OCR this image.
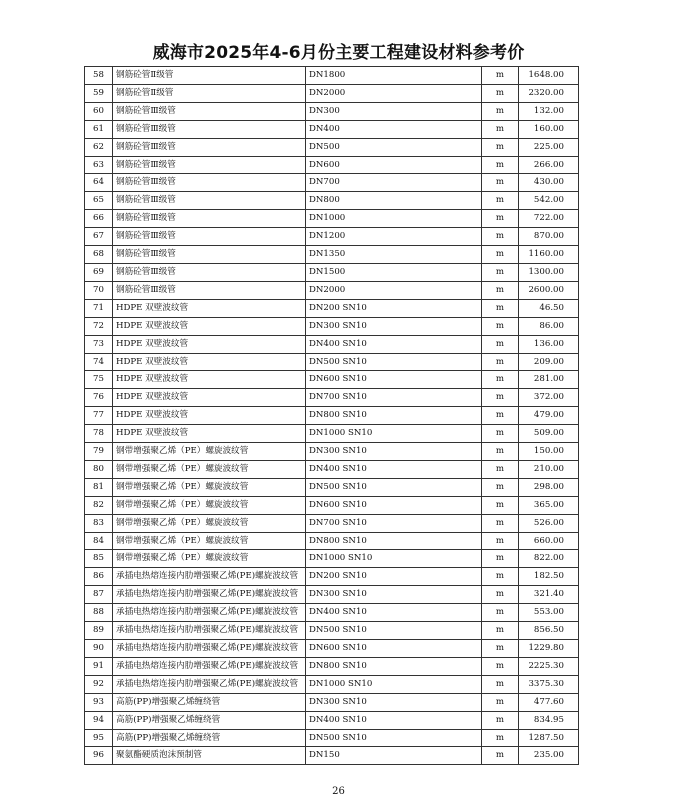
威海市2025年4-6月份主要工程建设材料参考价
58	钢筋砼管Ⅱ级管	DN1800	m	1648.00
59	钢筋砼管Ⅱ级管	DN2000	m	2320.00
60	钢筋砼管Ⅲ级管	DN300	m	132.00
61	钢筋砼管Ⅲ级管	DN400	m	160.00
62	钢筋砼管Ⅲ级管	DN500	m	225.00
63	钢筋砼管Ⅲ级管	DN600	m	266.00
64	钢筋砼管Ⅲ级管	DN700	m	430.00
65	钢筋砼管Ⅲ级管	DN800	m	542.00
66	钢筋砼管Ⅲ级管	DN1000	m	722.00
67	钢筋砼管Ⅲ级管	DN1200	m	870.00
68	钢筋砼管Ⅲ级管	DN1350	m	1160.00
69	钢筋砼管Ⅲ级管	DN1500	m	1300.00
70	钢筋砼管Ⅲ级管	DN2000	m	2600.00
71	HDPE 双壁波纹管	DN200 SN10	m	46.50
72	HDPE 双壁波纹管	DN300 SN10	m	86.00
73	HDPE 双壁波纹管	DN400 SN10	m	136.00
74	HDPE 双壁波纹管	DN500 SN10	m	209.00
75	HDPE 双壁波纹管	DN600 SN10	m	281.00
76	HDPE 双壁波纹管	DN700 SN10	m	372.00
77	HDPE 双壁波纹管	DN800 SN10	m	479.00
78	HDPE 双壁波纹管	DN1000 SN10	m	509.00
79	钢带增强聚乙烯（PE）螺旋波纹管	DN300 SN10	m	150.00
80	钢带增强聚乙烯（PE）螺旋波纹管	DN400 SN10	m	210.00
81	钢带增强聚乙烯（PE）螺旋波纹管	DN500 SN10	m	298.00
82	钢带增强聚乙烯（PE）螺旋波纹管	DN600 SN10	m	365.00
83	钢带增强聚乙烯（PE）螺旋波纹管	DN700 SN10	m	526.00
84	钢带增强聚乙烯（PE）螺旋波纹管	DN800 SN10	m	660.00
85	钢带增强聚乙烯（PE）螺旋波纹管	DN1000 SN10	m	822.00
86	承插电热熔连接内肋增强聚乙烯(PE)螺旋波纹管	DN200 SN10	m	182.50
87	承插电热熔连接内肋增强聚乙烯(PE)螺旋波纹管	DN300 SN10	m	321.40
88	承插电热熔连接内肋增强聚乙烯(PE)螺旋波纹管	DN400 SN10	m	553.00
89	承插电热熔连接内肋增强聚乙烯(PE)螺旋波纹管	DN500 SN10	m	856.50
90	承插电热熔连接内肋增强聚乙烯(PE)螺旋波纹管	DN600 SN10	m	1229.80
91	承插电热熔连接内肋增强聚乙烯(PE)螺旋波纹管	DN800 SN10	m	2225.30
92	承插电热熔连接内肋增强聚乙烯(PE)螺旋波纹管	DN1000 SN10	m	3375.30
93	高筋(PP)增强聚乙烯缠绕管	DN300 SN10	m	477.60
94	高筋(PP)增强聚乙烯缠绕管	DN400 SN10	m	834.95
95	高筋(PP)增强聚乙烯缠绕管	DN500 SN10	m	1287.50
96	聚氨酯硬质泡沫预制管	DN150	m	235.00
26
